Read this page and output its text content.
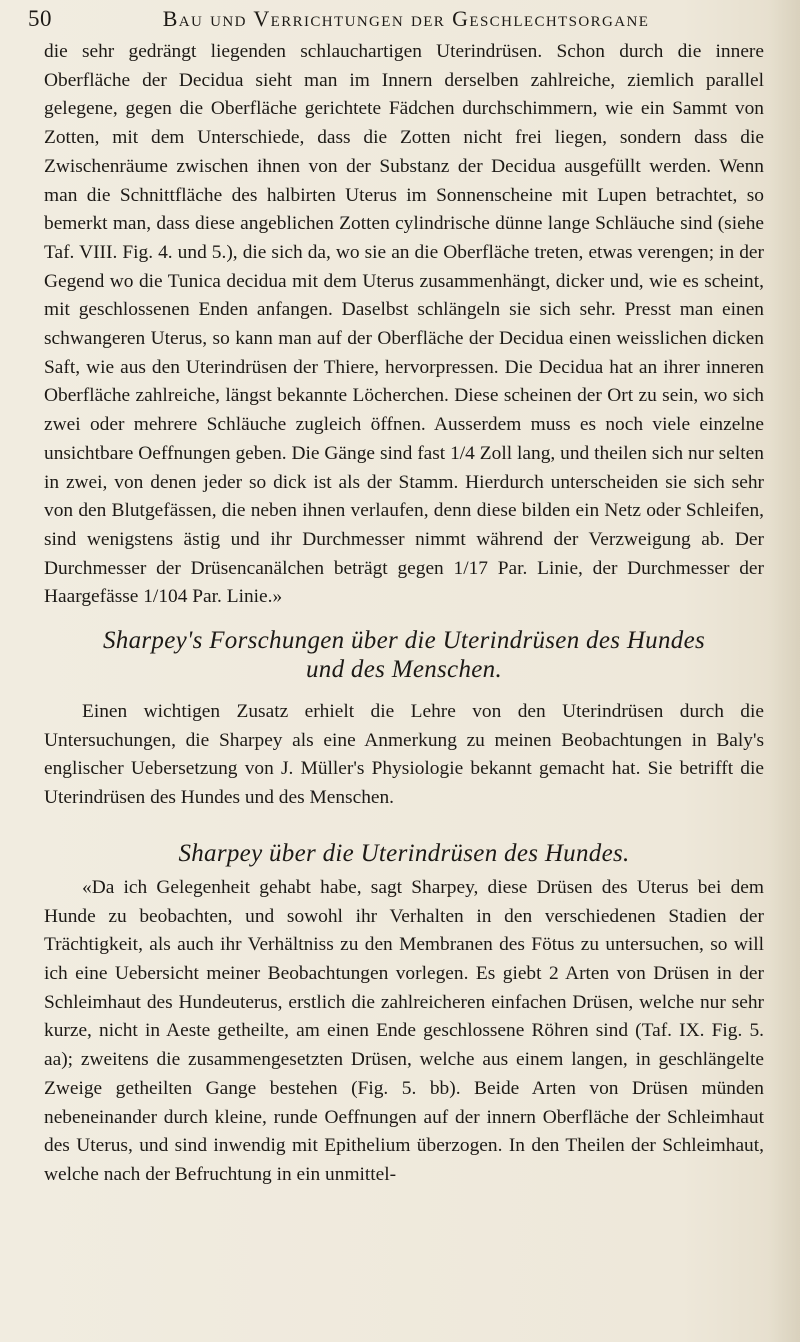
50	Bau und Verrichtungen der Geschlechtsorgane

die sehr gedrängt liegenden schlauchartigen Uterindrüsen. Schon durch die innere Oberfläche der Decidua sieht man im Innern derselben zahlreiche, ziemlich parallel gelegene, gegen die Oberfläche gerichtete Fädchen durchschimmern, wie ein Sammt von Zotten, mit dem Unterschiede, dass die Zotten nicht frei liegen, sondern dass die Zwischenräume zwischen ihnen von der Substanz der Decidua ausgefüllt werden. Wenn man die Schnittfläche des halbirten Uterus im Sonnenscheine mit Lupen betrachtet, so bemerkt man, dass diese angeblichen Zotten cylindrische dünne lange Schläuche sind (siehe Taf. VIII. Fig. 4. und 5.), die sich da, wo sie an die Oberfläche treten, etwas verengen; in der Gegend wo die Tunica decidua mit dem Uterus zusammenhängt, dicker und, wie es scheint, mit geschlossenen Enden anfangen. Daselbst schlängeln sie sich sehr. Presst man einen schwangeren Uterus, so kann man auf der Oberfläche der Decidua einen weisslichen dicken Saft, wie aus den Uterindrüsen der Thiere, hervorpressen. Die Decidua hat an ihrer inneren Oberfläche zahlreiche, längst bekannte Löcherchen. Diese scheinen der Ort zu sein, wo sich zwei oder mehrere Schläuche zugleich öffnen. Ausserdem muss es noch viele einzelne unsichtbare Oeffnungen geben. Die Gänge sind fast 1/4 Zoll lang, und theilen sich nur selten in zwei, von denen jeder so dick ist als der Stamm. Hierdurch unterscheiden sie sich sehr von den Blutgefässen, die neben ihnen verlaufen, denn diese bilden ein Netz oder Schleifen, sind wenigstens ästig und ihr Durchmesser nimmt während der Verzweigung ab. Der Durchmesser der Drüsencanälchen beträgt gegen 1/17 Par. Linie, der Durchmesser der Haargefässe 1/104 Par. Linie.»

Sharpey's Forschungen über die Uterindrüsen des Hundes
und des Menschen.

Einen wichtigen Zusatz erhielt die Lehre von den Uterindrüsen durch die Untersuchungen, die Sharpey als eine Anmerkung zu meinen Beobachtungen in Baly's englischer Uebersetzung von J. Müller's Physiologie bekannt gemacht hat. Sie betrifft die Uterindrüsen des Hundes und des Menschen.

Sharpey über die Uterindrüsen des Hundes.

«Da ich Gelegenheit gehabt habe, sagt Sharpey, diese Drüsen des Uterus bei dem Hunde zu beobachten, und sowohl ihr Verhalten in den verschiedenen Stadien der Trächtigkeit, als auch ihr Verhältniss zu den Membranen des Fötus zu untersuchen, so will ich eine Uebersicht meiner Beobachtungen vorlegen. Es giebt 2 Arten von Drüsen in der Schleimhaut des Hundeuterus, erstlich die zahlreicheren einfachen Drüsen, welche nur sehr kurze, nicht in Aeste getheilte, am einen Ende geschlossene Röhren sind (Taf. IX. Fig. 5. aa); zweitens die zusammengesetzten Drüsen, welche aus einem langen, in geschlängelte Zweige getheilten Gange bestehen (Fig. 5. bb). Beide Arten von Drüsen münden nebeneinander durch kleine, runde Oeffnungen auf der innern Oberfläche der Schleimhaut des Uterus, und sind inwendig mit Epithelium überzogen. In den Theilen der Schleimhaut, welche nach der Befruchtung in ein unmittel-
